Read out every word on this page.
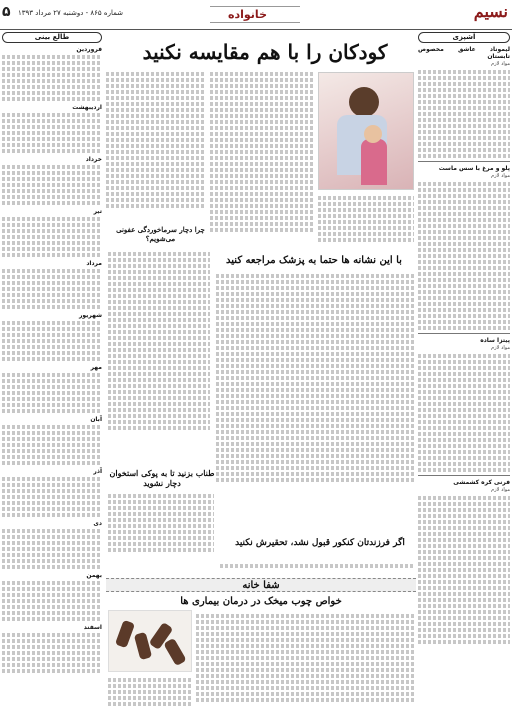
نسیم
خانواده
۵	شماره ۸۶۵ - دوشنبه ۲۷ مرداد ۱۳۹۳
آشپزی
لیموناد عاشق مخصوص تابستان
مواد لازم
پلو و مرغ با سس ماست
مواد لازم
پیتزا ساده
مواد لازم
فرنی کره کشمشی
مواد لازم
طالع بینی
فروردین
اردیبهشت
خرداد
تیر
مرداد
شهریور
مهر
آبان
آذر
دی
بهمن
اسفند
کودکان را با هم مقایسه نکنید
چرا دچار سرماخوردگی عفونی می‌شویم؟
با این نشانه ها حتما به پزشک مراجعه کنید
طناب بزنید تا به پوکی استخوان دچار نشوید
اگر فرزندتان کنکور قبول نشد، تحقیرش نکنید
شفا خانه
خواص چوب میخک در درمان بیماری ها
